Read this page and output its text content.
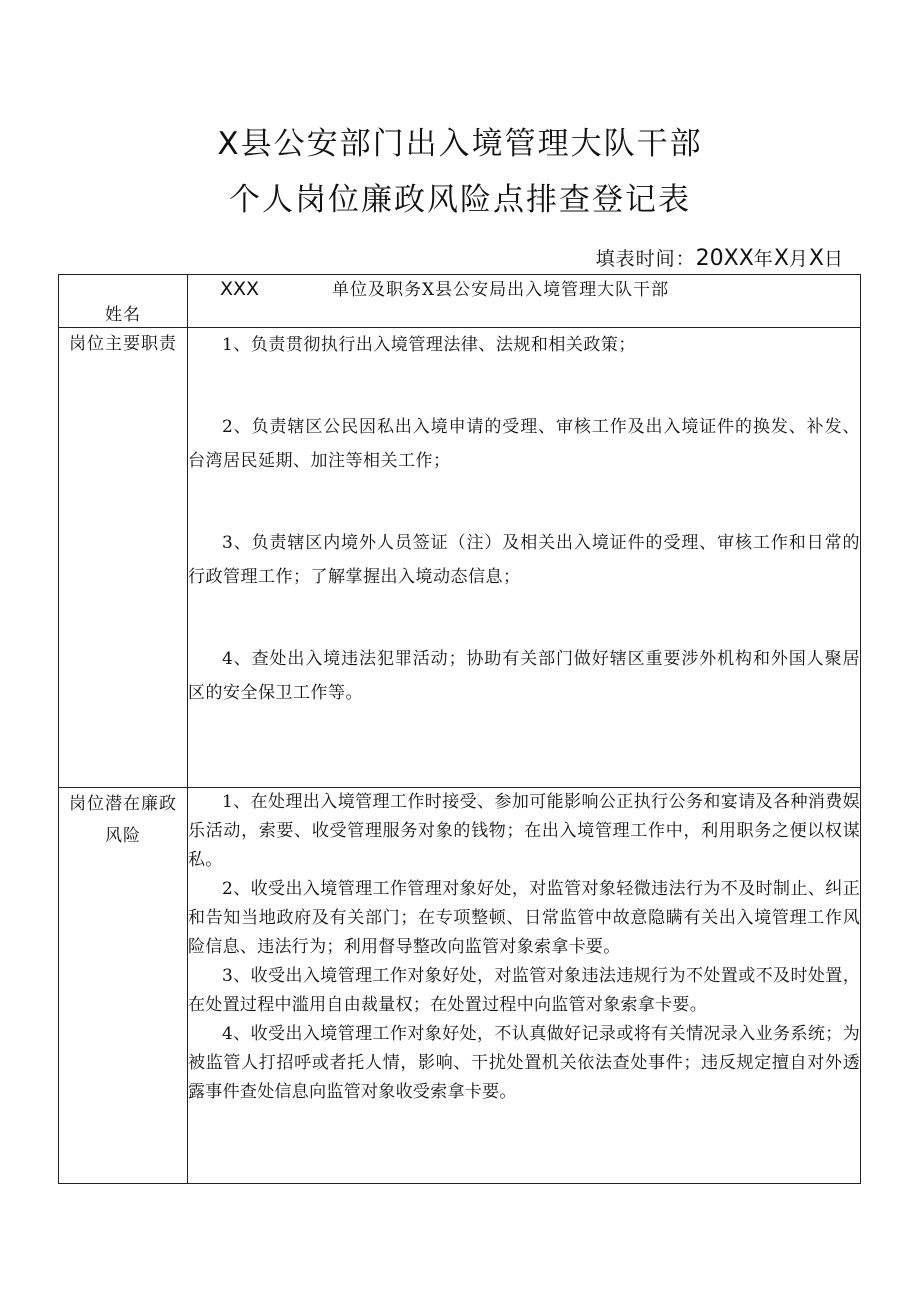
X县公安部门出入境管理大队干部
个人岗位廉政风险点排查登记表
填表时间：20XX年X月X日
姓名	XXX 单位及职务X县公安局出入境管理大队干部

岗位主要职责	1、负责贯彻执行出入境管理法律、法规和相关政策；

2、负责辖区公民因私出入境申请的受理、审核工作及出入境证件的换发、补发、台湾居民延期、加注等相关工作；

3、负责辖区内境外人员签证（注）及相关出入境证件的受理、审核工作和日常的行政管理工作；了解掌握出入境动态信息；

4、查处出入境违法犯罪活动；协助有关部门做好辖区重要涉外机构和外国人聚居区的安全保卫工作等。

岗位潜在廉政风险	1、在处理出入境管理工作时接受、参加可能影响公正执行公务和宴请及各种消费娱乐活动，索要、收受管理服务对象的钱物；在出入境管理工作中，利用职务之便以权谋私。

2、收受出入境管理工作管理对象好处，对监管对象轻微违法行为不及时制止、纠正和告知当地政府及有关部门；在专项整顿、日常监管中故意隐瞒有关出入境管理工作风险信息、违法行为；利用督导整改向监管对象索拿卡要。

3、收受出入境管理工作对象好处，对监管对象违法违规行为不处置或不及时处置，在处置过程中滥用自由裁量权；在处置过程中向监管对象索拿卡要。

4、收受出入境管理工作对象好处，不认真做好记录或将有关情况录入业务系统；为被监管人打招呼或者托人情，影响、干扰处置机关依法查处事件；违反规定擅自对外透露事件查处信息向监管对象收受索拿卡要。
